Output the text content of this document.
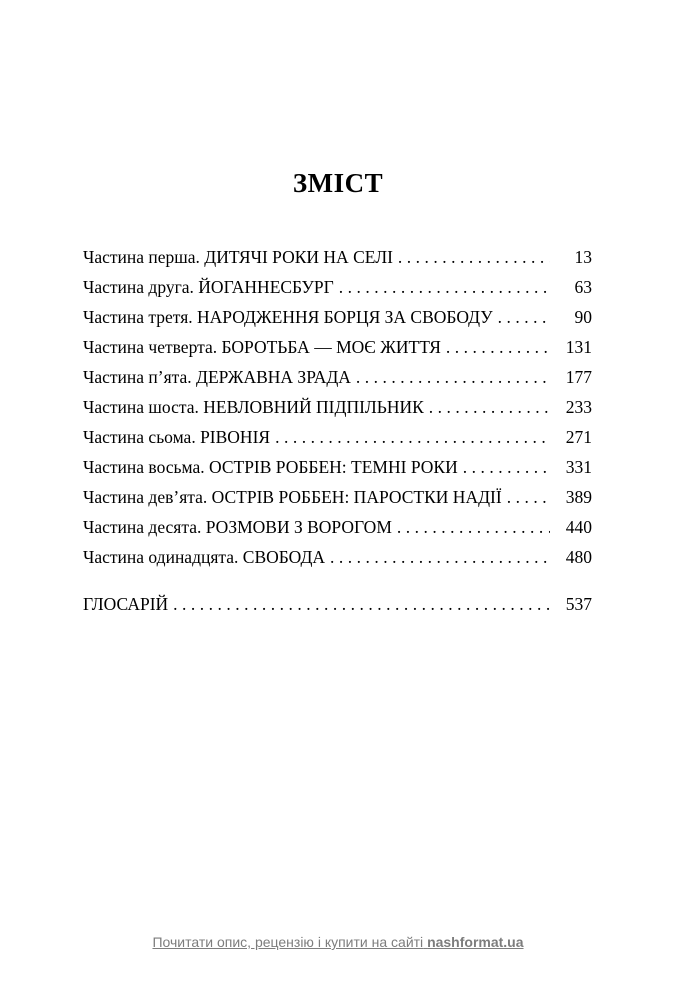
ЗМІСТ
Частина перша. ДИТЯЧІ РОКИ НА СЕЛІ .....	13
Частина друга. ЙОГАННЕСБУРГ .....	63
Частина третя. НАРОДЖЕННЯ БОРЦЯ ЗА СВОБОДУ .....	90
Частина четверта. БОРОТЬБА — МОЄ ЖИТТЯ .....	131
Частина п’ята. ДЕРЖАВНА ЗРАДА .....	177
Частина шоста. НЕВЛОВНИЙ ПІДПІЛЬНИК .....	233
Частина сьома. РІВОНІЯ .....	271
Частина восьма. ОСТРІВ РОББЕН: ТЕМНІ РОКИ .....	331
Частина дев’ята. ОСТРІВ РОББЕН: ПАРОСТКИ НАДІЇ .....	389
Частина десята. РОЗМОВИ З ВОРОГОМ .....	440
Частина одинадцята. СВОБОДА .....	480
ГЛОСАРІЙ .....	537
Почитати опис, рецензію і купити на сайті nashformat.ua
